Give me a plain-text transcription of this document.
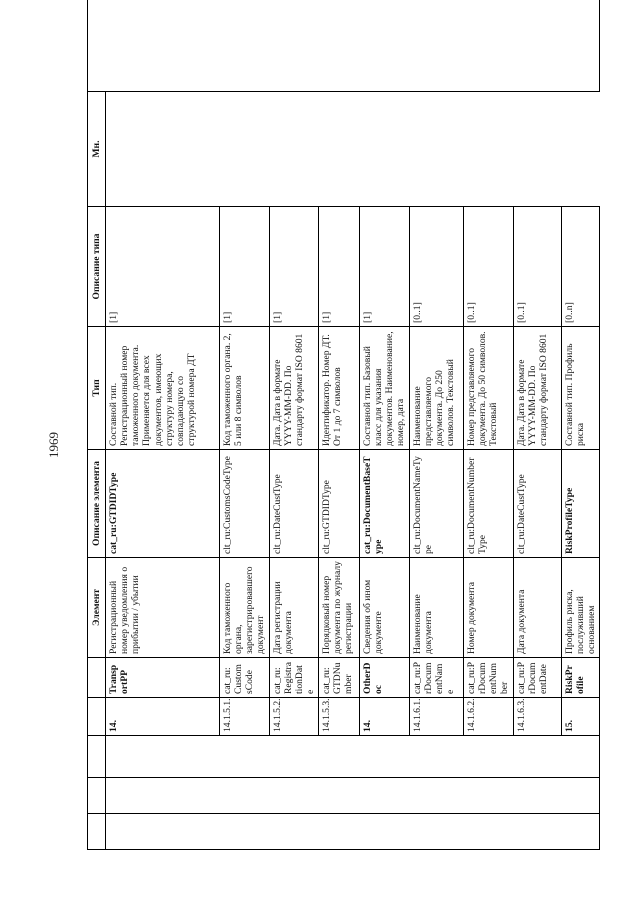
1969
					Элемент	Описание элемента	Тип	Описание типа	Мн.	
			14.	TransportPP	Регистрационный номер уведомления о прибытии / убытии	cat_ru:GTDIDType	Составной тип. Регистрационный номер таможенного документа. Применяется для всех документов, имеющих структуру номера, совпадающую со структурой номера ДТ	[1]		
			14.1.5.1.	cat_ru:CustomsCode	Код таможенного органа, зарегистрировавшего документ	clt_ru:CustomsCodeType	Код таможенного органа. 2, 5 или 8 символов	[1]		
			14.1.5.2.	cat_ru:RegistrationDate	Дата регистрации документа	clt_ru:DateCustType	Дата. Дата в формате YYYY-MM-DD. По стандарту формат ISO 8601	[1]		
			14.1.5.3.	cat_ru:GTDNumber	Порядковый номер документа по журналу регистрации	clt_ru:GTDIDType	Идентификатор. Номер ДТ. От 1 до 7 символов	[1]		
			14.	OtherDoc	Сведения об ином документе	cat_ru:DocumentBaseType	Составной тип. Базовый класс для указания документов. Наименование, номер, дата	[1]		
			14.1.6.1.	cat_ru:PrDocumentName	Наименование документа	clt_ru:DocumentNameType	Наименование представляемого документа. До 250 символов. Текстовый	[0..1]		
			14.1.6.2.	cat_ru:PrDocumentNumber	Номер документа	clt_ru:DocumentNumberType	Номер представляемого документа. До 50 символов. Текстовый	[0..1]		
			14.1.6.3.	cat_ru:PrDocumentDate	Дата документа	clt_ru:DateCustType	Дата. Дата в формате YYYY-MM-DD. По стандарту формат ISO 8601	[0..1]		
			15.	RiskProfile	Профиль риска, послуживший основанием	RiskProfileType	Составной тип. Профиль риска	[0..n]		
